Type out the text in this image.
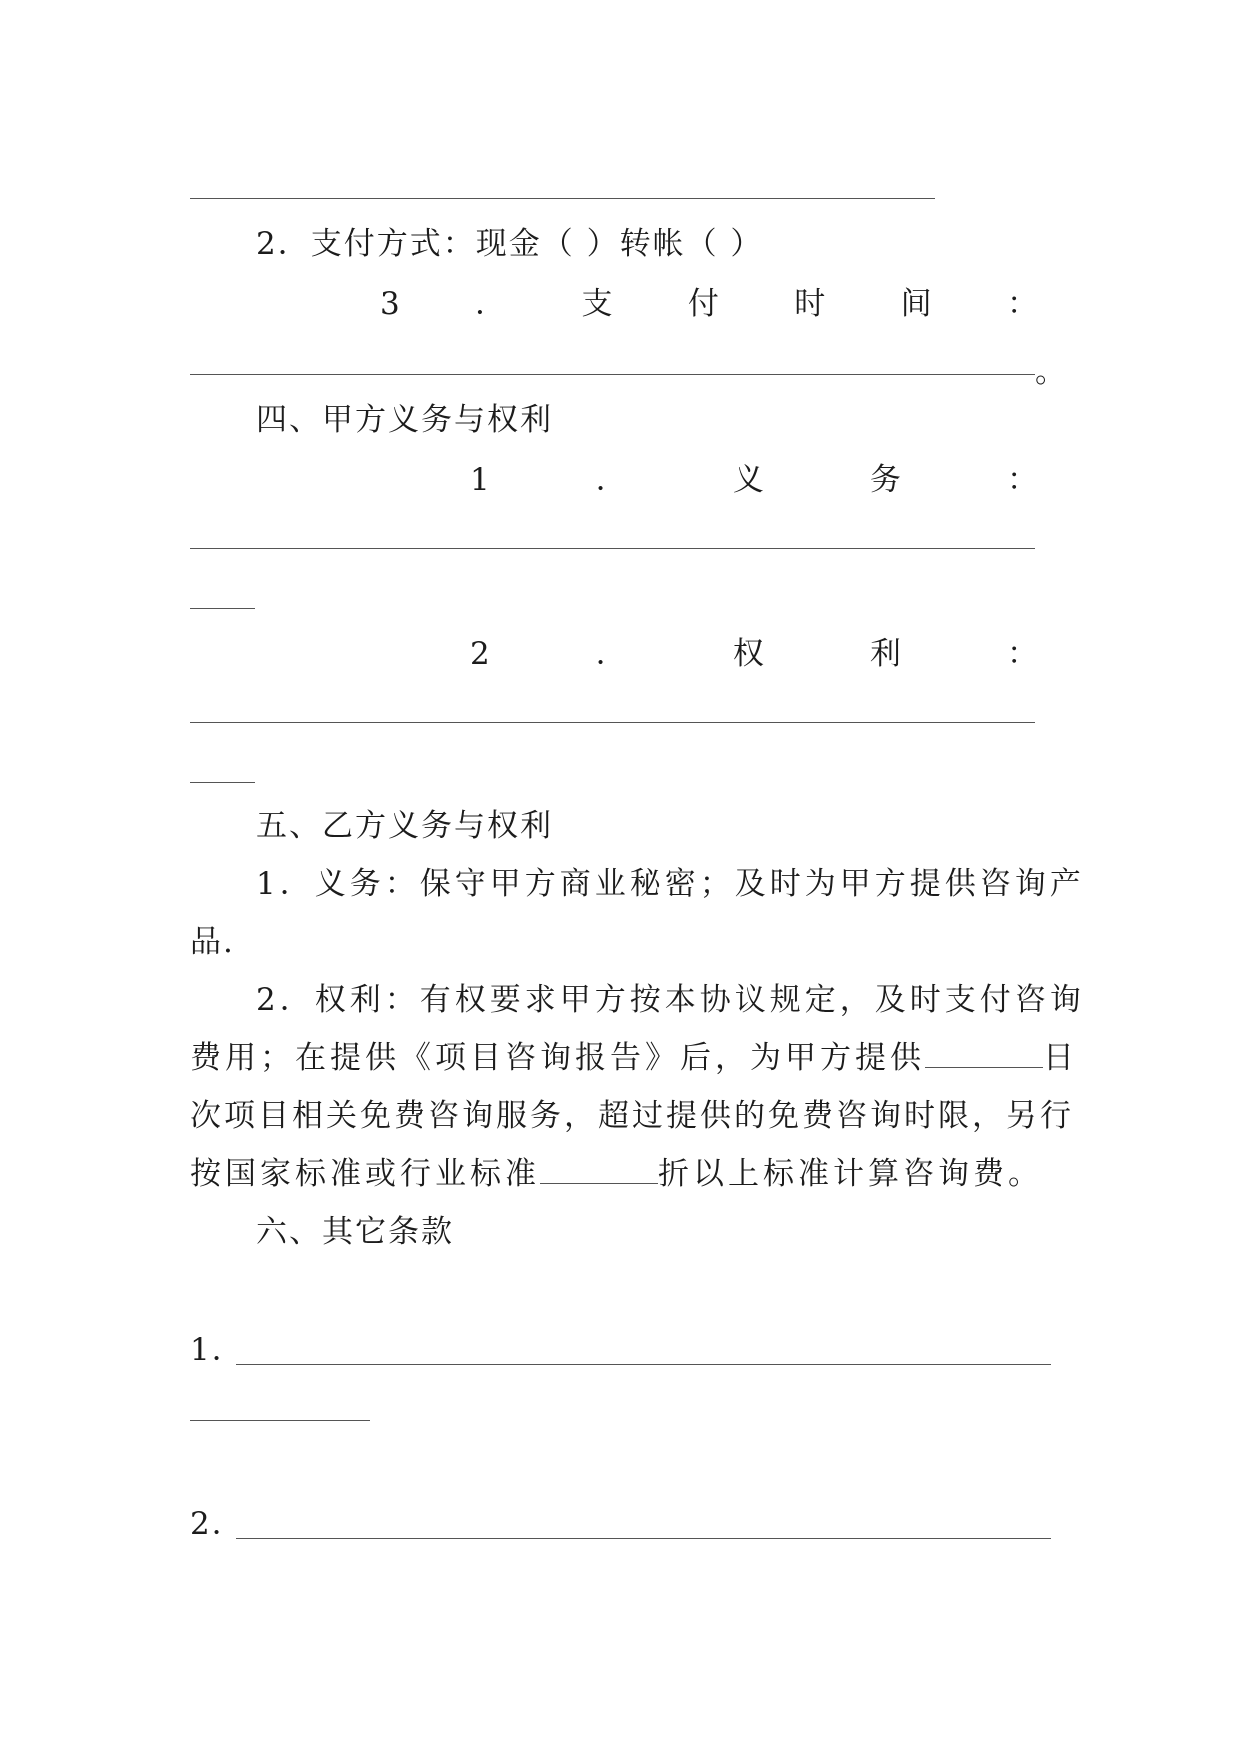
2．支付方式：现金（ ）转帐（ ）
3 ． 支 付 时 间 ：
。
四、甲方义务与权利
1	．	义	务	：
2	．	权	利	：
五、乙方义务与权利
1．义务：保守甲方商业秘密；及时为甲方提供咨询产
品.
2．权利：有权要求甲方按本协议规定，及时支付咨询
费用；在提供《项目咨询报告》后，为甲方提供	日
次项目相关免费咨询服务，超过提供的免费咨询时限，另行
按国家标准或行业标准	折以上标准计算咨询费。
六、其它条款
1．
2．
